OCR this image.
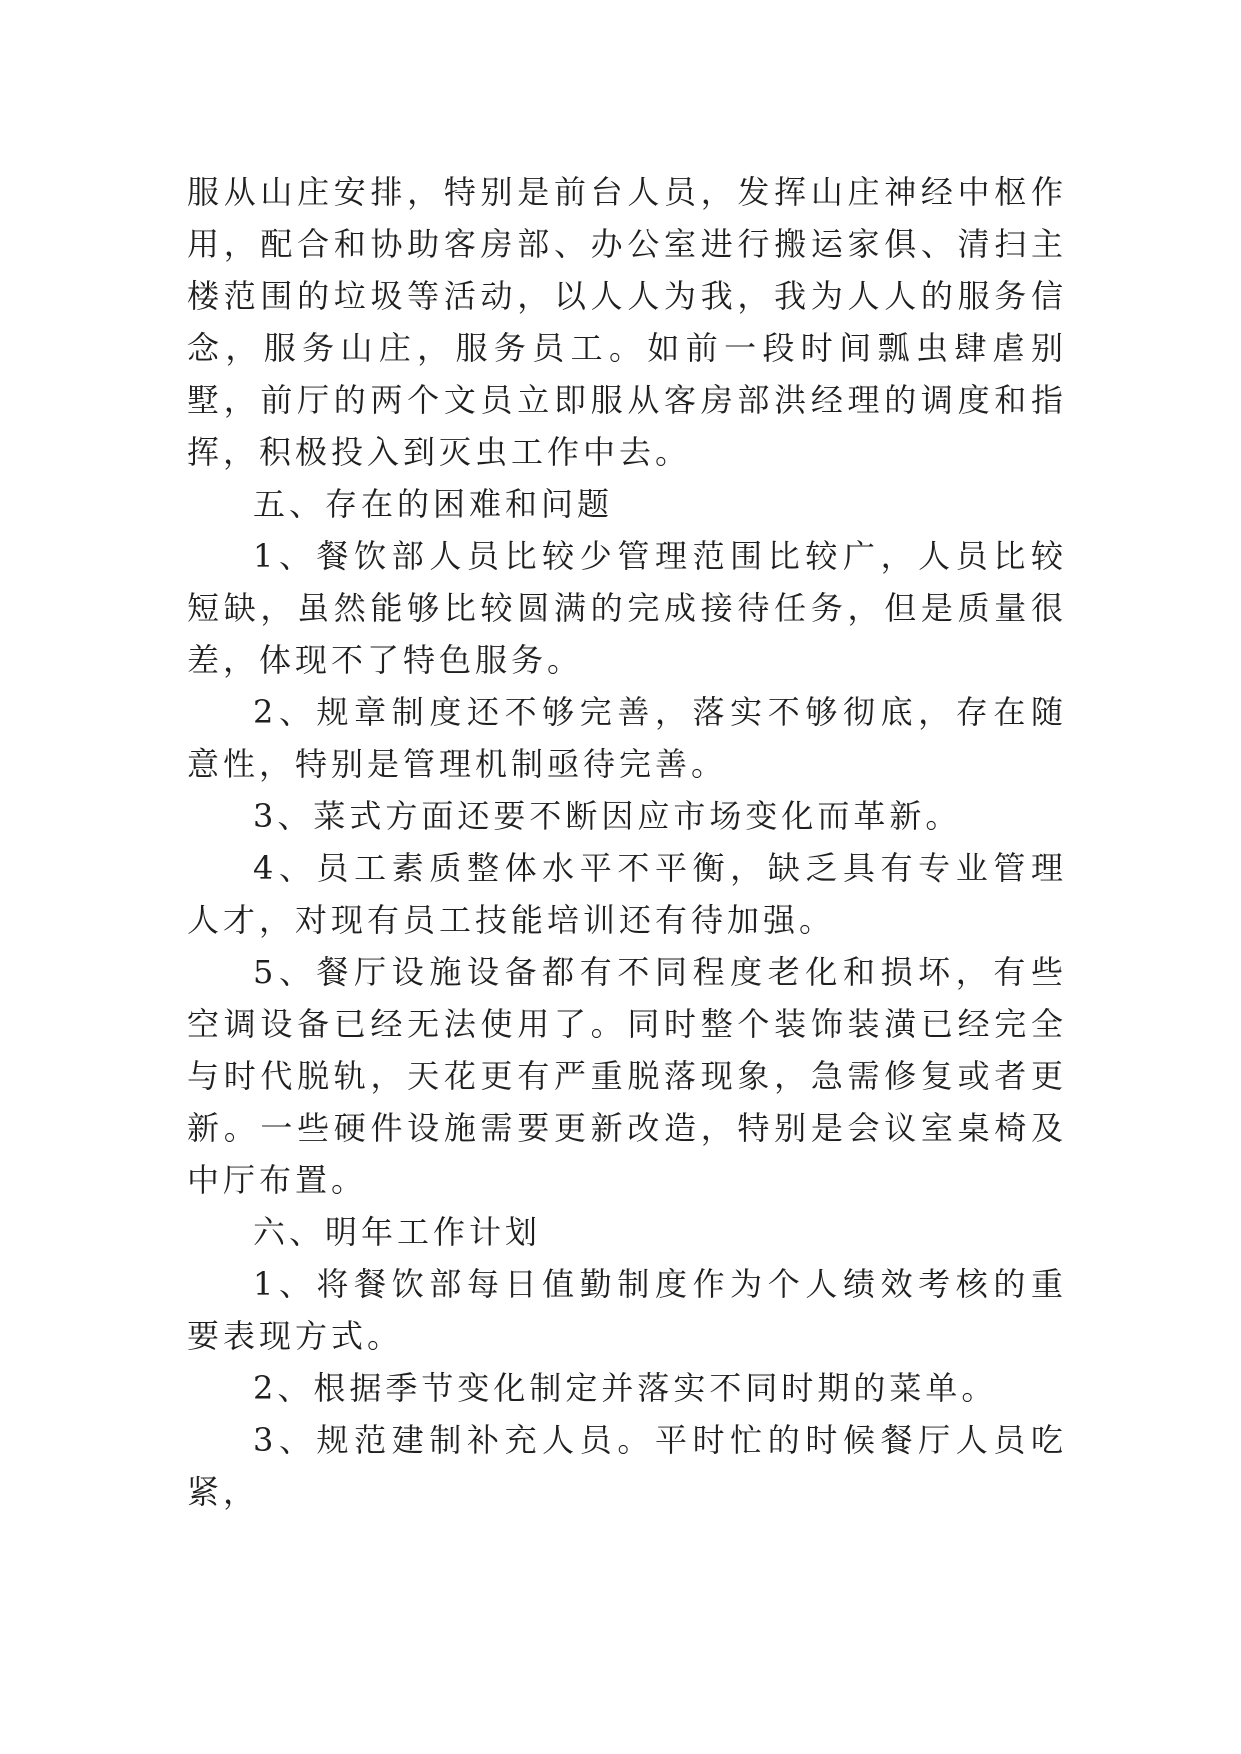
服从山庄安排，特别是前台人员，发挥山庄神经中枢作用，配合和协助客房部、办公室进行搬运家俱、清扫主楼范围的垃圾等活动，以人人为我，我为人人的服务信念，服务山庄，服务员工。如前一段时间瓢虫肆虐别墅，前厅的两个文员立即服从客房部洪经理的调度和指挥，积极投入到灭虫工作中去。

五、存在的困难和问题

1、餐饮部人员比较少管理范围比较广，人员比较短缺，虽然能够比较圆满的完成接待任务，但是质量很差，体现不了特色服务。

2、规章制度还不够完善，落实不够彻底，存在随意性，特别是管理机制亟待完善。

3、菜式方面还要不断因应市场变化而革新。

4、员工素质整体水平不平衡，缺乏具有专业管理人才，对现有员工技能培训还有待加强。

5、餐厅设施设备都有不同程度老化和损坏，有些空调设备已经无法使用了。同时整个装饰装潢已经完全与时代脱轨，天花更有严重脱落现象，急需修复或者更新。一些硬件设施需要更新改造，特别是会议室桌椅及中厅布置。

六、明年工作计划

1、将餐饮部每日值勤制度作为个人绩效考核的重要表现方式。

2、根据季节变化制定并落实不同时期的菜单。

3、规范建制补充人员。平时忙的时候餐厅人员吃紧，
